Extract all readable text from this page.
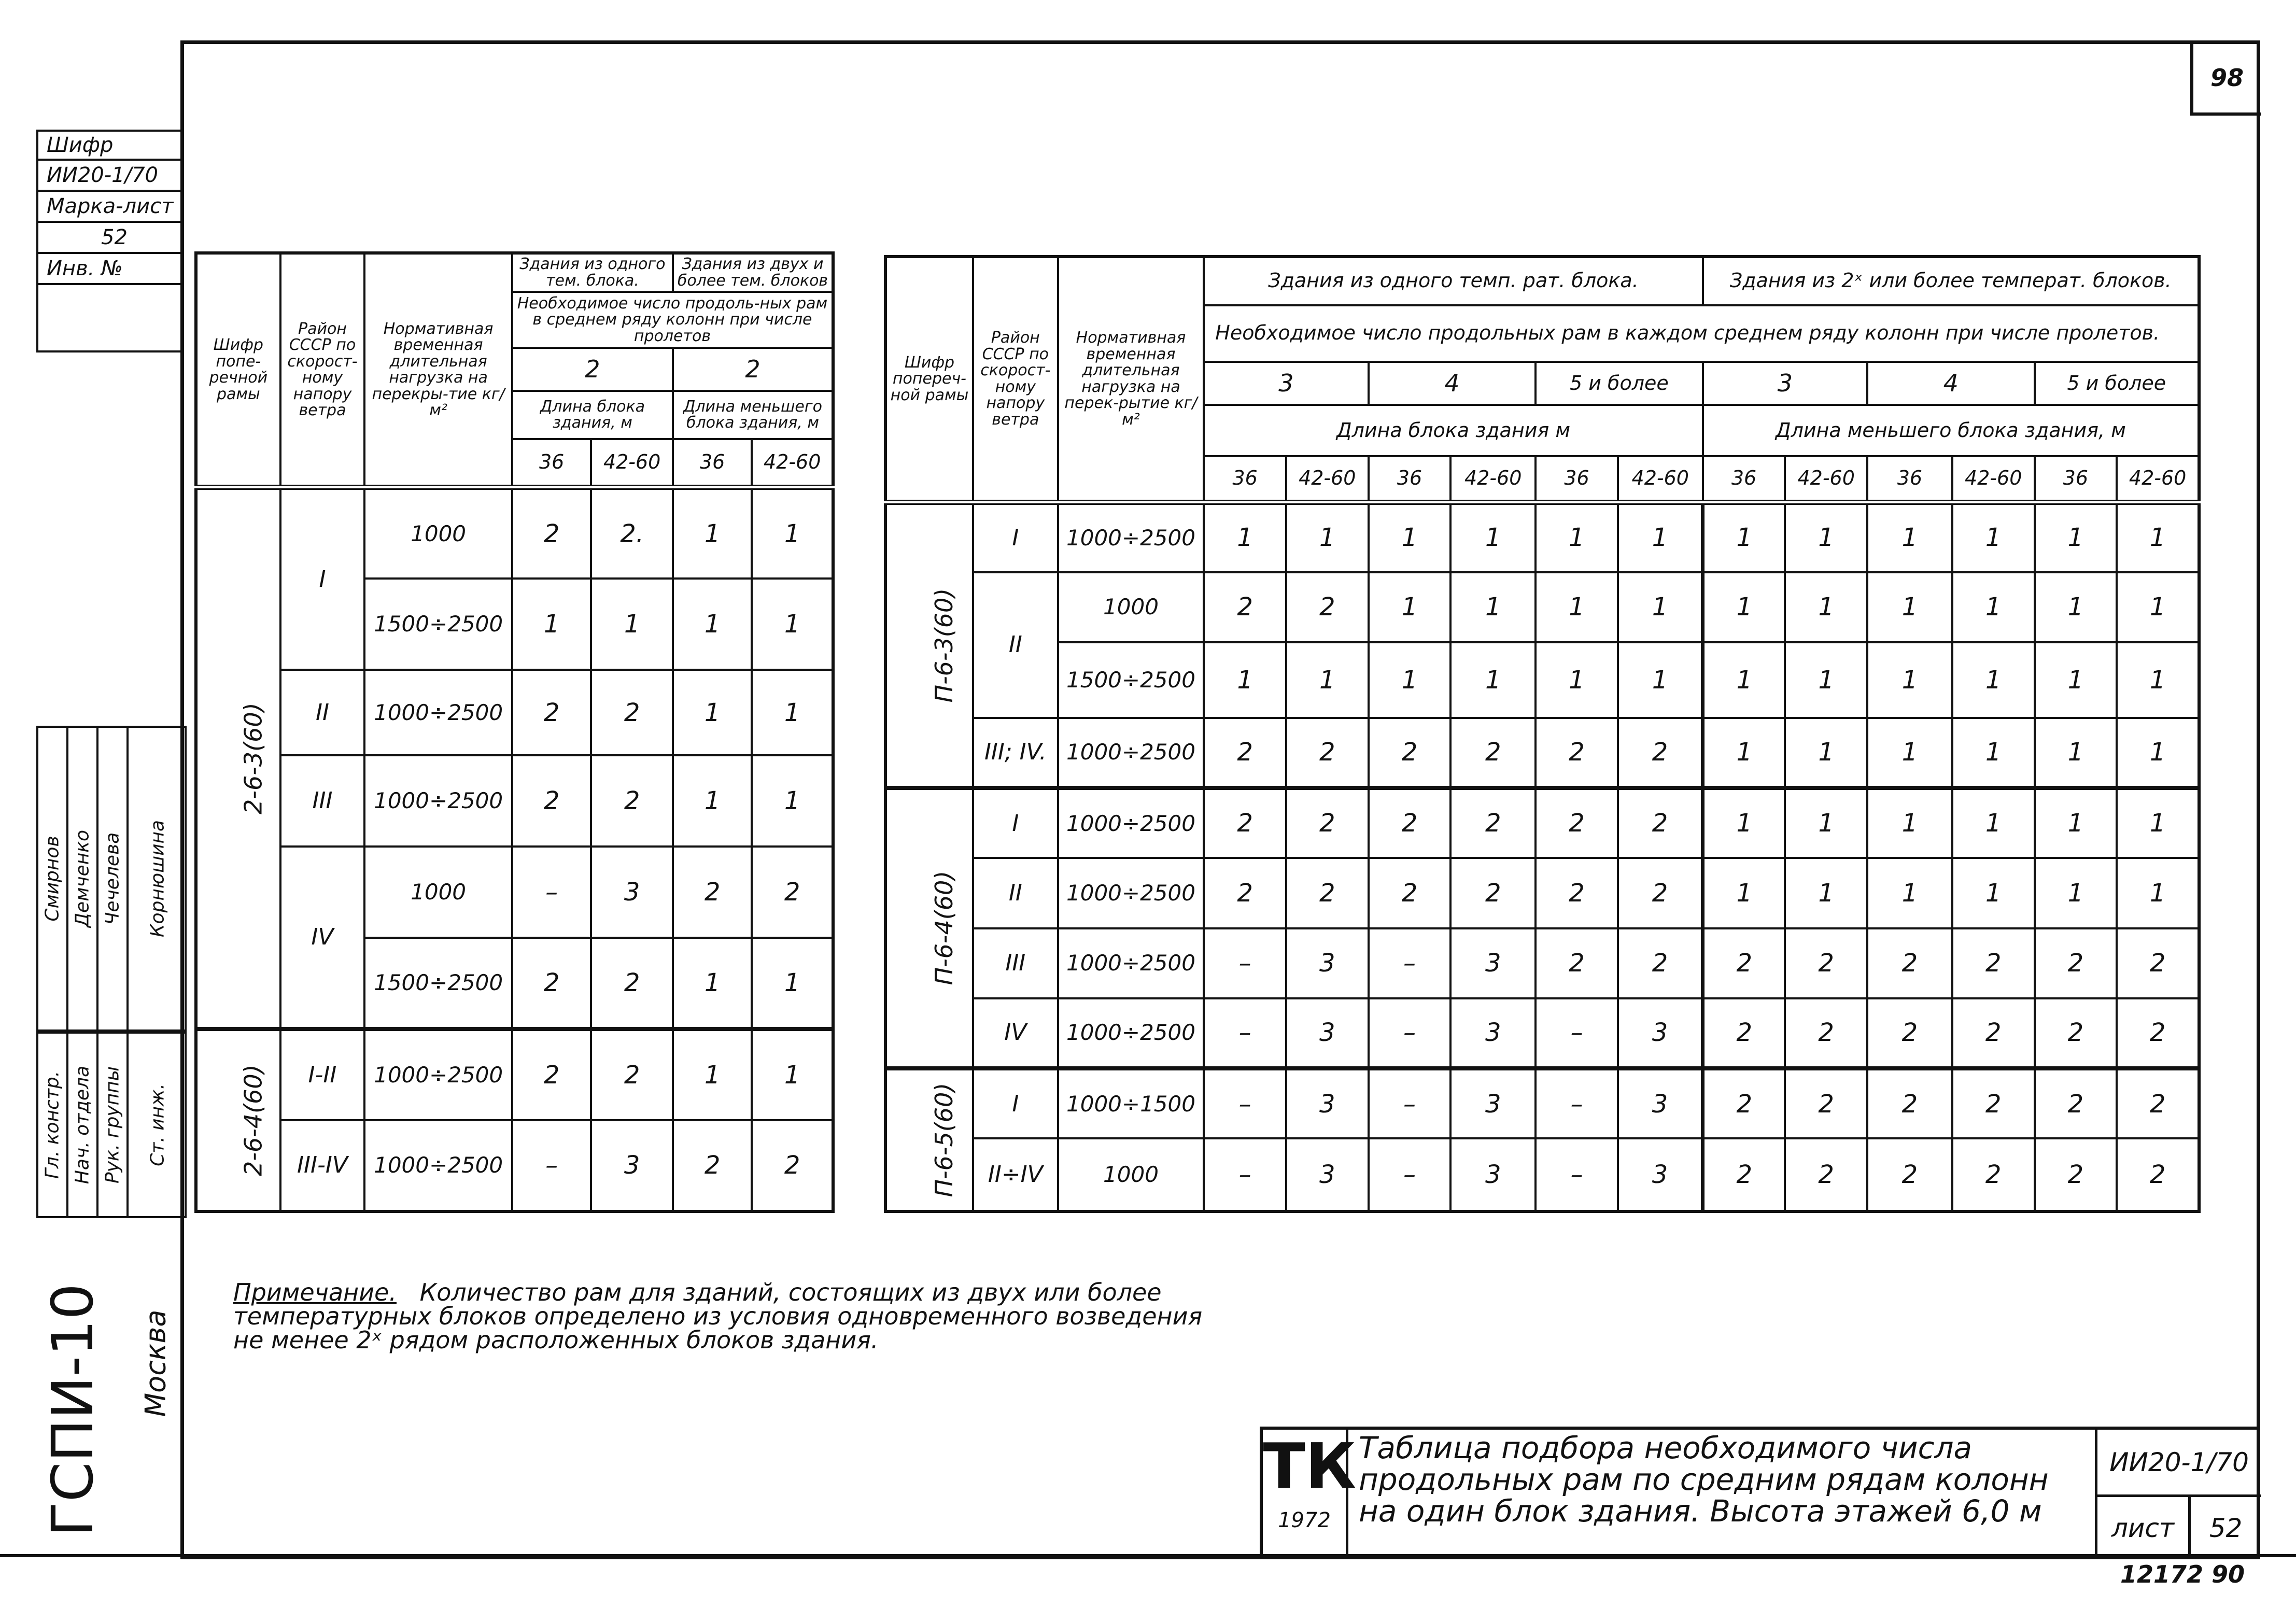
98
Шифр
ИИ20-1/70
Марка-лист
52
Инв. №
Гл. констр. Нач. отдела Рук. группы Ст. инж.
Смирнов Демченко Чечелева Корнюшина
ГСПИ-10 Москва
Шифр попе-речной рамы	Район СССР по скорост-ному напору ветра	Нормативная временная длительная нагрузка на перекры-тие кг/м²	Здания из одного тем. блока.		Здания из двух и более тем. блоков	
			Необходимое число продоль-ных рам в среднем ряду колонн при числе пролетов			
			2		2	
			Длина блока здания, м		Длина меньшего блока здания, м	
			36	42-60	36	42-60
2-6-3(60)	I	1000	2	2.	1	1
		1500÷2500	1	1	1	1
	II	1000÷2500	2	2	1	1
	III	1000÷2500	2	2	1	1
	IV	1000	–	3	2	2
		1500÷2500	2	2	1	1
2-6-4(60)	I-II	1000÷2500	2	2	1	1
	III-IV	1000÷2500	–	3	2	2
Шифр попереч-ной рамы	Район СССР по скорост-ному напору ветра	Нормативная временная длительная нагрузка на перек-рытие кг/м²	Здания из одного темп. рат. блока.						Здания из 2ˣ или более температ. блоков.					
			Необходимое число продольных рам в каждом среднем ряду колонн при числе пролетов.											
			3		4		5 и более		3		4		5 и более	
			Длина блока здания м						Длина меньшего блока здания, м					
			36	42-60	36	42-60	36	42-60	36	42-60	36	42-60	36	42-60
П-6-3(60)	I	1000÷2500	1	1	1	1	1	1	1	1	1	1	1	1
	II	1000	2	2	1	1	1	1	1	1	1	1	1	1
		1500÷2500	1	1	1	1	1	1	1	1	1	1	1	1
	III; IV.	1000÷2500	2	2	2	2	2	2	1	1	1	1	1	1
П-6-4(60)	I	1000÷2500	2	2	2	2	2	2	1	1	1	1	1	1
	II	1000÷2500	2	2	2	2	2	2	1	1	1	1	1	1
	III	1000÷2500	–	3	–	3	2	2	2	2	2	2	2	2
	IV	1000÷2500	–	3	–	3	–	3	2	2	2	2	2	2
П-6-5(60)	I	1000÷1500	–	3	–	3	–	3	2	2	2	2	2	2
	II÷IV	1000	–	3	–	3	–	3	2	2	2	2	2	2
Примечание. Количество рам для зданий, состоящих из двух или более температурных блоков определено из условия одновременного возведения не менее 2ˣ рядом расположенных блоков здания.
ТК
1972
Таблица подбора необходимого числа продольных рам по средним рядам колонн на один блок здания. Высота этажей 6,0 м
ИИ20-1/70
лист	52
12172 90
